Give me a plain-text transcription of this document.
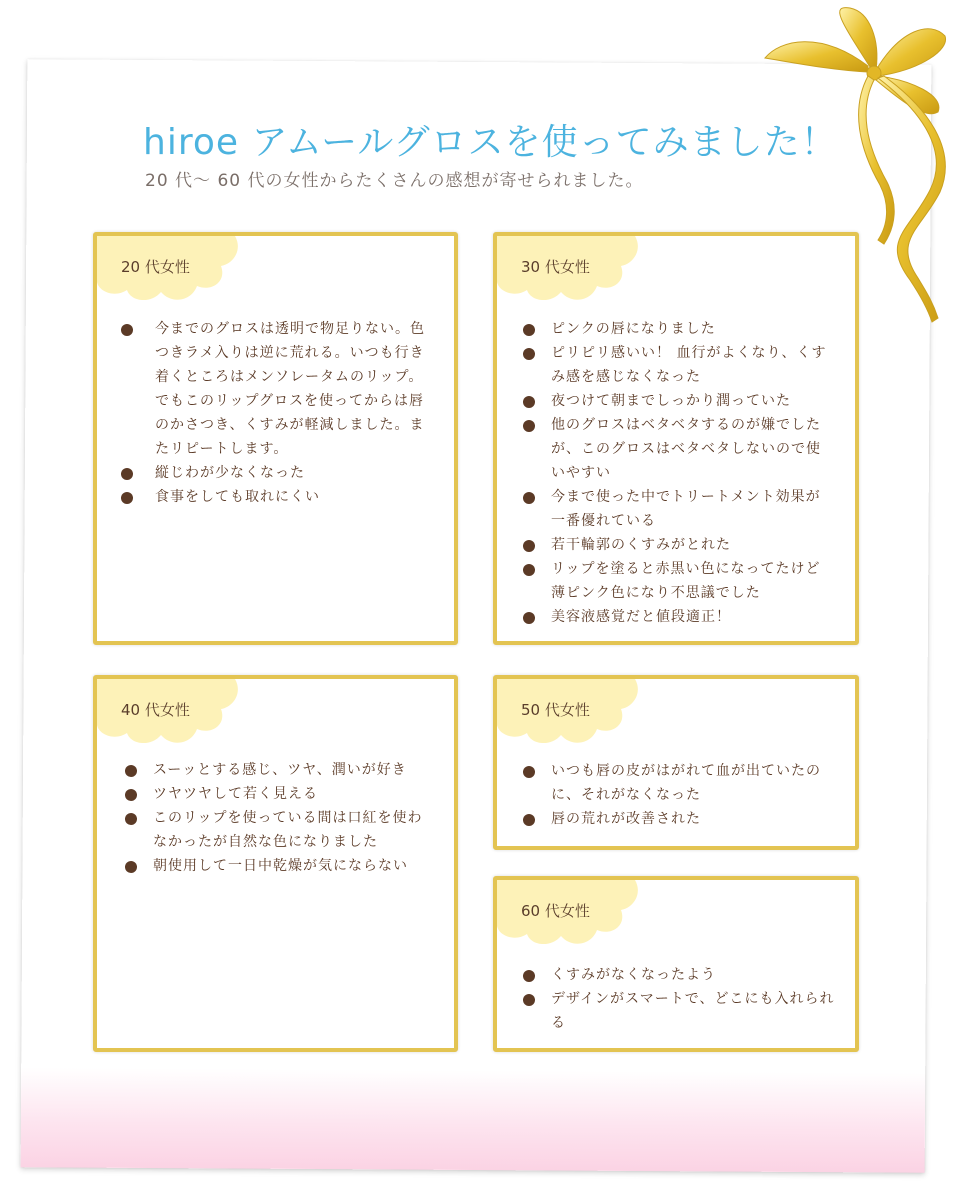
hiroe アムールグロスを使ってみました！

20 代〜 60 代の女性からたくさんの感想が寄せられました。

20 代女性
今までのグロスは透明で物足りない。色つきラメ入りは逆に荒れる。いつも行き着くところはメンソレータムのリップ。でもこのリップグロスを使ってからは唇のかさつき、くすみが軽減しました。またリピートします。
縦じわが少なくなった
食事をしても取れにくい
30 代女性
ピンクの唇になりました
ピリピリ感いい！ 血行がよくなり、くすみ感を感じなくなった
夜つけて朝までしっかり潤っていた
他のグロスはベタベタするのが嫌でしたが、このグロスはベタベタしないので使いやすい
今まで使った中でトリートメント効果が一番優れている
若干輪郭のくすみがとれた
リップを塗ると赤黒い色になってたけど薄ピンク色になり不思議でした
美容液感覚だと値段適正！
40 代女性
スーッとする感じ、ツヤ、潤いが好き
ツヤツヤして若く見える
このリップを使っている間は口紅を使わなかったが自然な色になりました
朝使用して一日中乾燥が気にならない
50 代女性
いつも唇の皮がはがれて血が出ていたのに、それがなくなった
唇の荒れが改善された
60 代女性
くすみがなくなったよう
デザインがスマートで、どこにも入れられる
